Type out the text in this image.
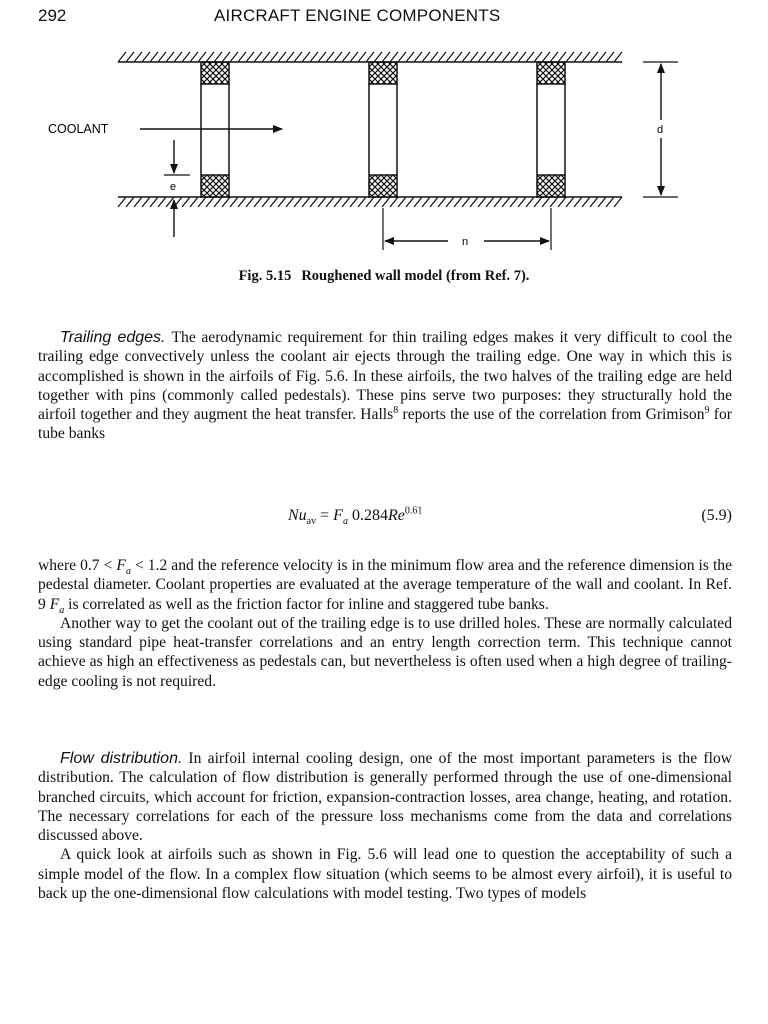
292	AIRCRAFT ENGINE COMPONENTS
COOLANT
e
d
n
Fig. 5.15 Roughened wall model (from Ref. 7).

Trailing edges. The aerodynamic requirement for thin trailing edges makes it very difficult to cool the trailing edge convectively unless the coolant air ejects through the trailing edge. One way in which this is accomplished is shown in the airfoils of Fig. 5.6. In these airfoils, the two halves of the trailing edge are held together with pins (commonly called pedestals). These pins serve two purposes: they structurally hold the airfoil together and they augment the heat transfer. Halls$^8$ reports the use of the correlation from Grimison$^9$ for tube banks

$Nu_{av} = F_a$ $0.284Re^{0.61}$	(5.9)

where $0.7 < F_a < 1.2$ and the reference velocity is in the minimum flow area and the reference dimension is the pedestal diameter. Coolant properties are evaluated at the average temperature of the wall and coolant. In Ref. 9 $F_a$ is correlated as well as the friction factor for inline and staggered tube banks.

Another way to get the coolant out of the trailing edge is to use drilled holes. These are normally calculated using standard pipe heat-transfer correlations and an entry length correction term. This technique cannot achieve as high an effectiveness as pedestals can, but nevertheless is often used when a high degree of trailing-edge cooling is not required.

Flow distribution. In airfoil internal cooling design, one of the most important parameters is the flow distribution. The calculation of flow distribution is generally performed through the use of one-dimensional branched circuits, which account for friction, expansion-contraction losses, area change, heating, and rotation. The necessary correlations for each of the pressure loss mechanisms come from the data and correlations discussed above.

A quick look at airfoils such as shown in Fig. 5.6 will lead one to question the acceptability of such a simple model of the flow. In a complex flow situation (which seems to be almost every airfoil), it is useful to back up the one-dimensional flow calculations with model testing. Two types of models
